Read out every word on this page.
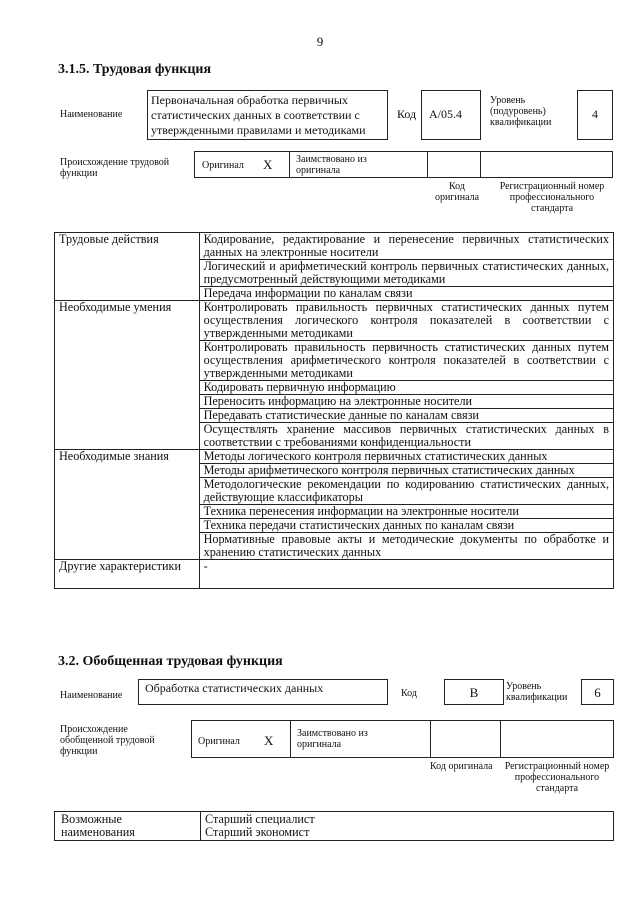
9
3.1.5. Трудовая функция
Наименование
Первоначальная обработка первичных статистических данных в соответствии с утвержденными правилами и методиками
Код A/05.4
Уровень (подуровень) квалификации
4
Происхождение трудовой функции
Оригинал X Заимствовано из оригинала
Код оригинала
Регистрационный номер профессионального стандарта
Трудовые действия	Кодирование, редактирование и перенесение первичных статистических данных на электронные носители
	Логический и арифметический контроль первичных статистических данных, предусмотренный действующими методиками
	Передача информации по каналам связи
Необходимые умения	Контролировать правильность первичных статистических данных путем осуществления логического контроля показателей в соответствии с утвержденными методиками
	Контролировать правильность первичность статистических данных путем осуществления арифметического контроля показателей в соответствии с утвержденными методиками
	Кодировать первичную информацию
	Переносить информацию на электронные носители
	Передавать статистические данные по каналам связи
	Осуществлять хранение массивов первичных статистических данных в соответствии с требованиями конфиденциальности
Необходимые знания	Методы логического контроля первичных статистических данных
	Методы арифметического контроля первичных статистических данных
	Методологические рекомендации по кодированию статистических данных, действующие классификаторы
	Техника перенесения информации на электронные носители
	Техника передачи статистических данных по каналам связи
	Нормативные правовые акты и методические документы по обработке и хранению статистических данных
Другие характеристики	-
3.2. Обобщенная трудовая функция
Наименование
Обработка статистических данных	Код	B	Уровень квалификации	6
Происхождение обобщенной трудовой функции
Оригинал X Заимствовано из оригинала
Код оригинала	Регистрационный номер профессионального стандарта
Возможные наименования	
Старший специалист
Старший экономист
